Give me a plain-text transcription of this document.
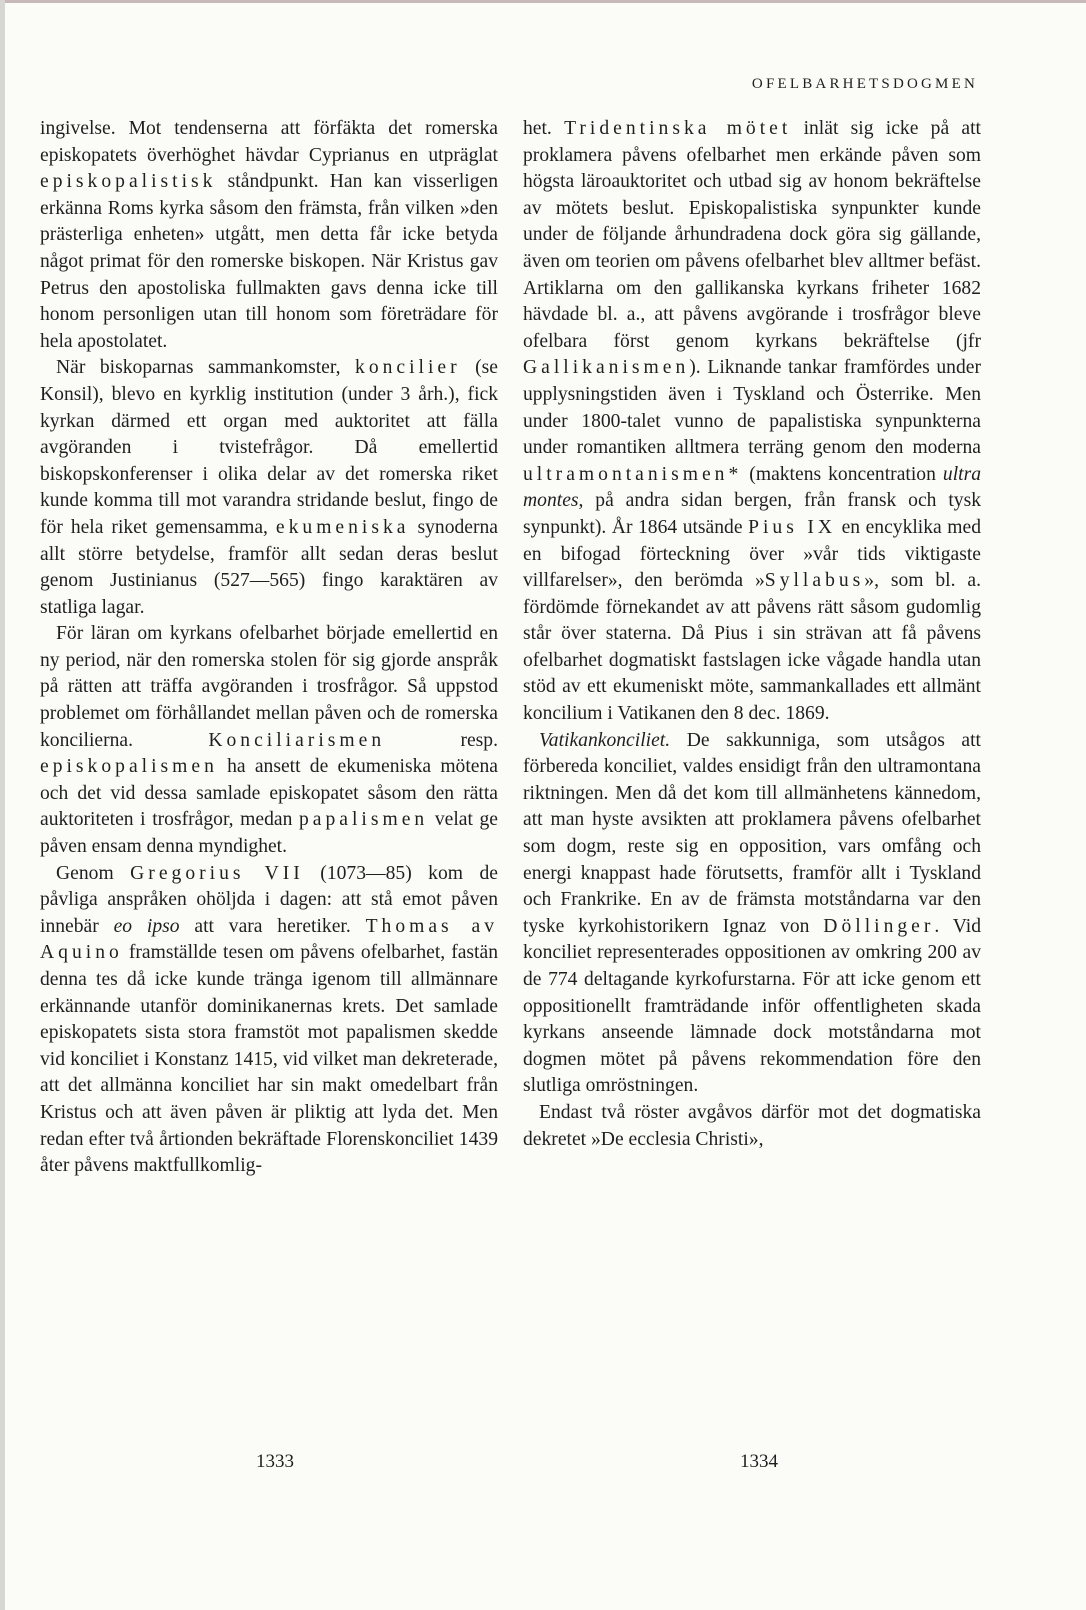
OFELBARHETSDOGMEN

ingivelse. Mot tendenserna att förfäkta det romerska episkopatets överhöghet hävdar Cyprianus en utpräglat episkopalistisk ståndpunkt. Han kan visserligen erkänna Roms kyrka såsom den främsta, från vilken »den prästerliga enheten» utgått, men detta får icke betyda något primat för den romerske biskopen. När Kristus gav Petrus den apostoliska fullmakten gavs denna icke till honom personligen utan till honom som företrädare för hela apostolatet.

När biskoparnas sammankomster, koncilier (se Konsil), blevo en kyrklig institution (under 3 årh.), fick kyrkan därmed ett organ med auktoritet att fälla avgöranden i tvistefrågor. Då emellertid biskopskonferenser i olika delar av det romerska riket kunde komma till mot varandra stridande beslut, fingo de för hela riket gemensamma, ekumeniska synoderna allt större betydelse, framför allt sedan deras beslut genom Justinianus (527—565) fingo karaktären av statliga lagar.

För läran om kyrkans ofelbarhet började emellertid en ny period, när den romerska stolen för sig gjorde anspråk på rätten att träffa avgöranden i trosfrågor. Så uppstod problemet om förhållandet mellan påven och de romerska koncilierna. Konciliarismen resp. episkopalismen ha ansett de ekumeniska mötena och det vid dessa samlade episkopatet såsom den rätta auktoriteten i trosfrågor, medan papalismen velat ge påven ensam denna myndighet.

Genom Gregorius VII (1073—85) kom de påvliga anspråken ohöljda i dagen: att stå emot påven innebär eo ipso att vara heretiker. Thomas av Aquino framställde tesen om påvens ofelbarhet, fastän denna tes då icke kunde tränga igenom till allmännare erkännande utanför dominikanernas krets. Det samlade episkopatets sista stora framstöt mot papalismen skedde vid konciliet i Konstanz 1415, vid vilket man dekreterade, att det allmänna konciliet har sin makt omedelbart från Kristus och att även påven är pliktig att lyda det. Men redan efter två årtionden bekräftade Florenskonciliet 1439 åter påvens maktfullkomlig-

het. Tridentinska mötet inlät sig icke på att proklamera påvens ofelbarhet men erkände påven som högsta läroauktoritet och utbad sig av honom bekräftelse av mötets beslut. Episkopalistiska synpunkter kunde under de följande århundradena dock göra sig gällande, även om teorien om påvens ofelbarhet blev alltmer befäst. Artiklarna om den gallikanska kyrkans friheter 1682 hävdade bl. a., att påvens avgörande i trosfrågor bleve ofelbara först genom kyrkans bekräftelse (jfr Gallikanismen). Liknande tankar framfördes under upplysningstiden även i Tyskland och Österrike. Men under 1800-talet vunno de papalistiska synpunkterna under romantiken alltmera terräng genom den moderna ultramontanismen* (maktens koncentration ultra montes, på andra sidan bergen, från fransk och tysk synpunkt). År 1864 utsände Pius IX en encyklika med en bifogad förteckning över »vår tids viktigaste villfarelser», den berömda »Syllabus», som bl. a. fördömde förnekandet av att påvens rätt såsom gudomlig står över staterna. Då Pius i sin strävan att få påvens ofelbarhet dogmatiskt fastslagen icke vågade handla utan stöd av ett ekumeniskt möte, sammankallades ett allmänt koncilium i Vatikanen den 8 dec. 1869.

Vatikankonciliet. De sakkunniga, som utsågos att förbereda konciliet, valdes ensidigt från den ultramontana riktningen. Men då det kom till allmänhetens kännedom, att man hyste avsikten att proklamera påvens ofelbarhet som dogm, reste sig en opposition, vars omfång och energi knappast hade förutsetts, framför allt i Tyskland och Frankrike. En av de främsta motståndarna var den tyske kyrkohistorikern Ignaz von Döllinger. Vid konciliet representerades oppositionen av omkring 200 av de 774 deltagande kyrkofurstarna. För att icke genom ett oppositionellt framträdande inför offentligheten skada kyrkans anseende lämnade dock motståndarna mot dogmen mötet på påvens rekommendation före den slutliga omröstningen.

Endast två röster avgåvos därför mot det dogmatiska dekretet »De ecclesia Christi»,

1333	1334
